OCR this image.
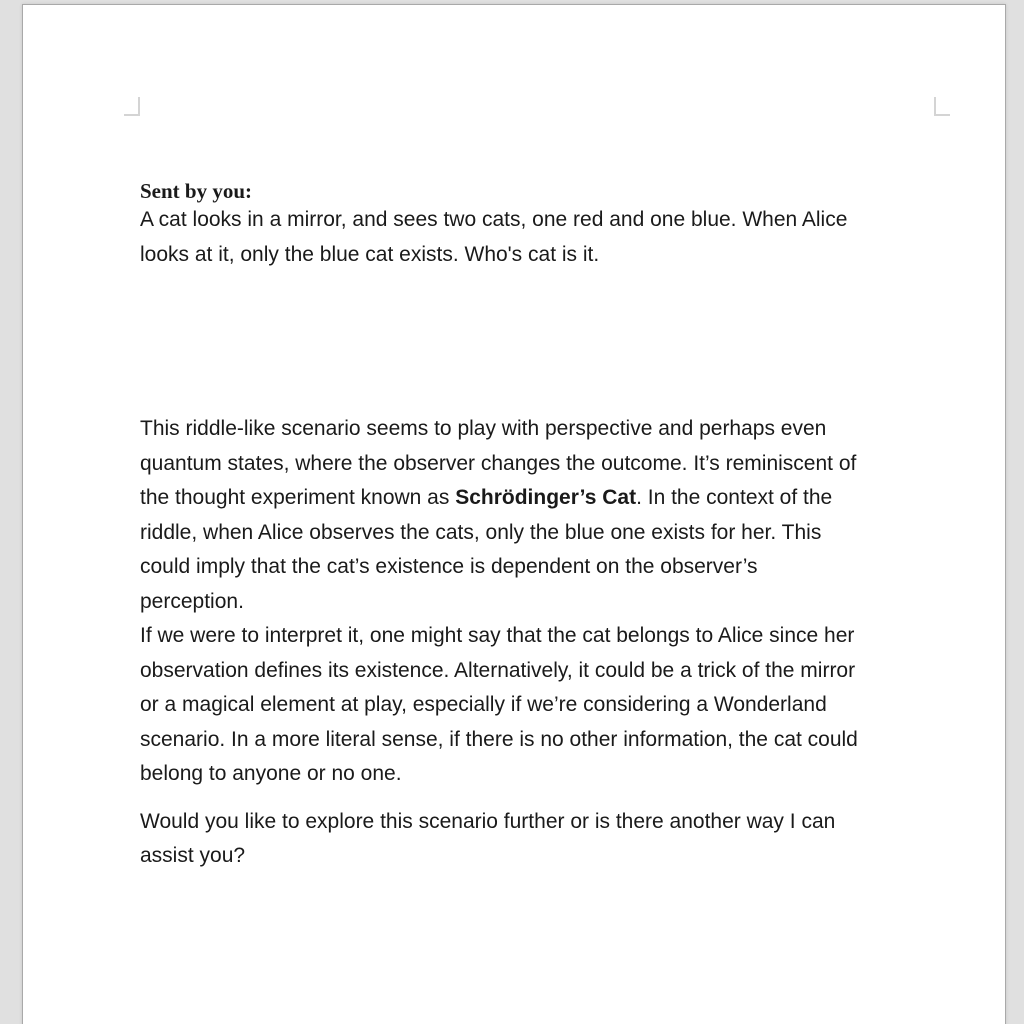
Sent by you:
A cat looks in a mirror, and sees two cats, one red and one blue. When Alice
looks at it, only the blue cat exists. Who's cat is it.
This riddle-like scenario seems to play with perspective and perhaps even
quantum states, where the observer changes the outcome. It’s reminiscent of
the thought experiment known as Schrödinger’s Cat. In the context of the
riddle, when Alice observes the cats, only the blue one exists for her. This
could imply that the cat’s existence is dependent on the observer’s
perception.
If we were to interpret it, one might say that the cat belongs to Alice since her
observation defines its existence. Alternatively, it could be a trick of the mirror
or a magical element at play, especially if we’re considering a Wonderland
scenario. In a more literal sense, if there is no other information, the cat could
belong to anyone or no one.
Would you like to explore this scenario further or is there another way I can
assist you?
